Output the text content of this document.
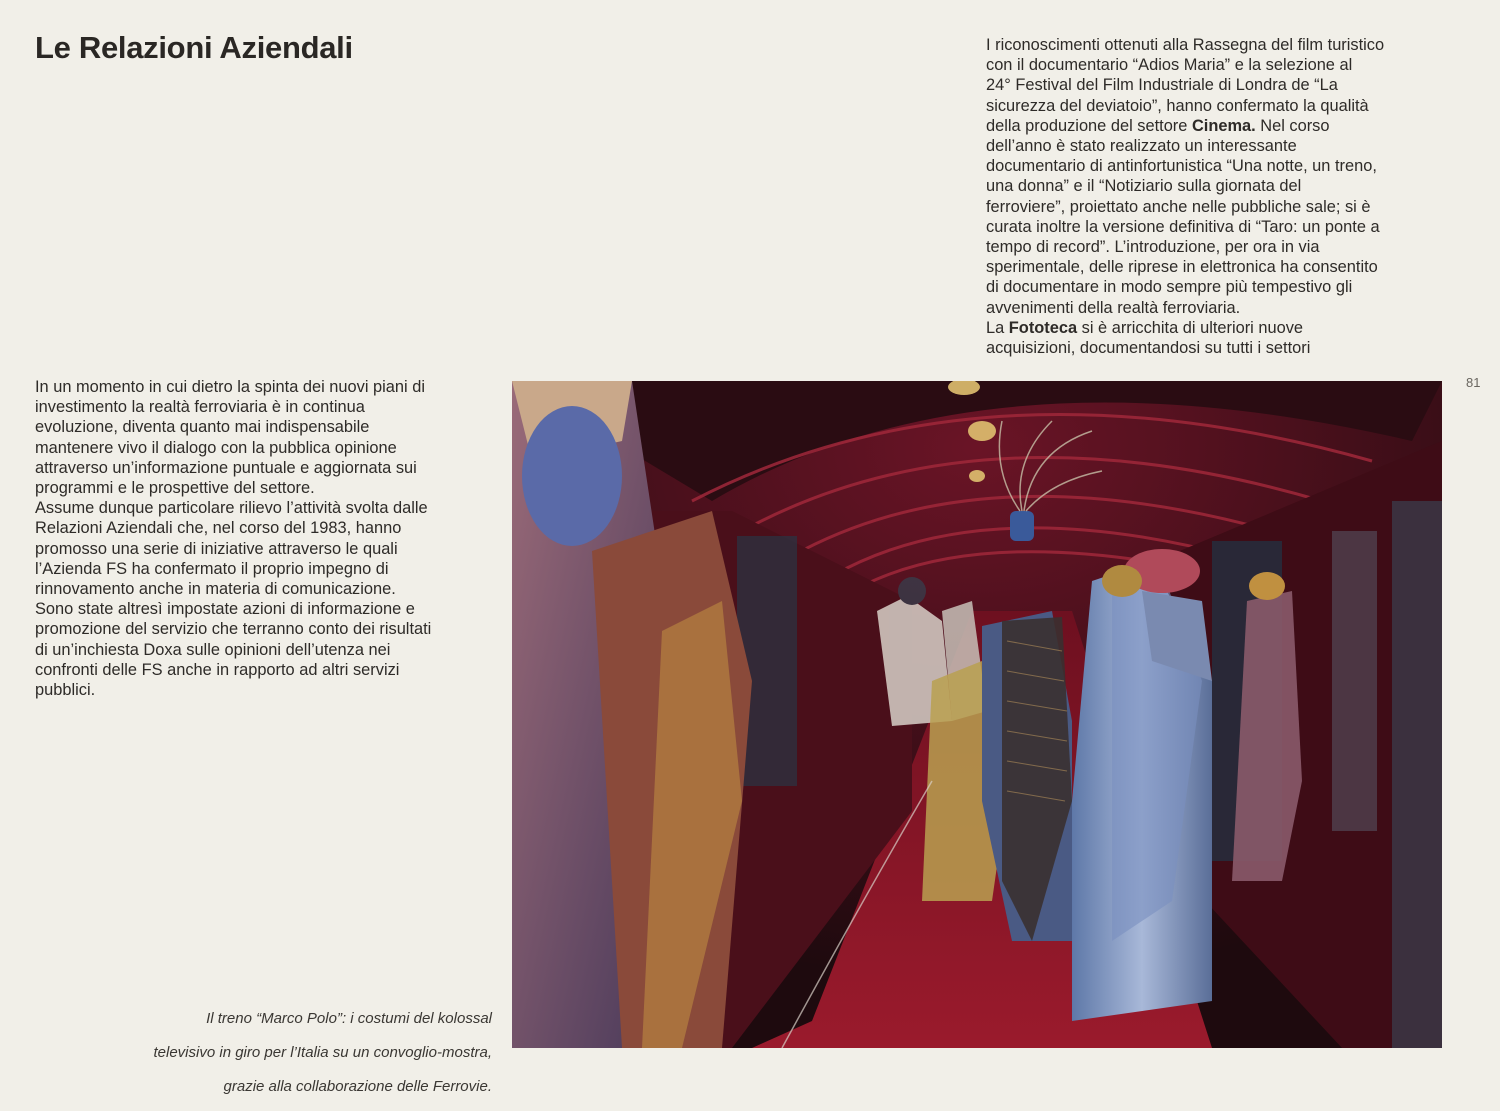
Le Relazioni Aziendali	I riconoscimenti ottenuti alla Rassegna del film turistico

con il documentario “Adios Maria” e la selezione al

24° Festival del Film Industriale di Londra de “La

sicurezza del deviatoio”, hanno confermato la qualità

della produzione del settore Cinema. Nel corso

dell’anno è stato realizzato un interessante

documentario di antinfortunistica “Una notte, un treno,

una donna” e il “Notiziario sulla giornata del

ferroviere”, proiettato anche nelle pubbliche sale; si è

curata inoltre la versione definitiva di “Taro: un ponte a

tempo di record”. L’introduzione, per ora in via

sperimentale, delle riprese in elettronica ha consentito

di documentare in modo sempre più tempestivo gli

avvenimenti della realtà ferroviaria.

La Fototeca si è arricchita di ulteriori nuove

acquisizioni, documentandosi su tutti i settori

In un momento in cui dietro la spinta dei nuovi piani di

investimento la realtà ferroviaria è in continua

evoluzione, diventa quanto mai indispensabile

mantenere vivo il dialogo con la pubblica opinione

attraverso un’informazione puntuale e aggiornata sui

programmi e le prospettive del settore.

Assume dunque particolare rilievo l’attività svolta dalle

Relazioni Aziendali che, nel corso del 1983, hanno

promosso una serie di iniziative attraverso le quali

l’Azienda FS ha confermato il proprio impegno di

rinnovamento anche in materia di comunicazione.

Sono state altresì impostate azioni di informazione e

promozione del servizio che terranno conto dei risultati

di un’inchiesta Doxa sulle opinioni dell’utenza nei

confronti delle FS anche in rapporto ad altri servizi

pubblici.

81

Il treno “Marco Polo”: i costumi del kolossal

televisivo in giro per l’Italia su un convoglio-mostra,

grazie alla collaborazione delle Ferrovie.
